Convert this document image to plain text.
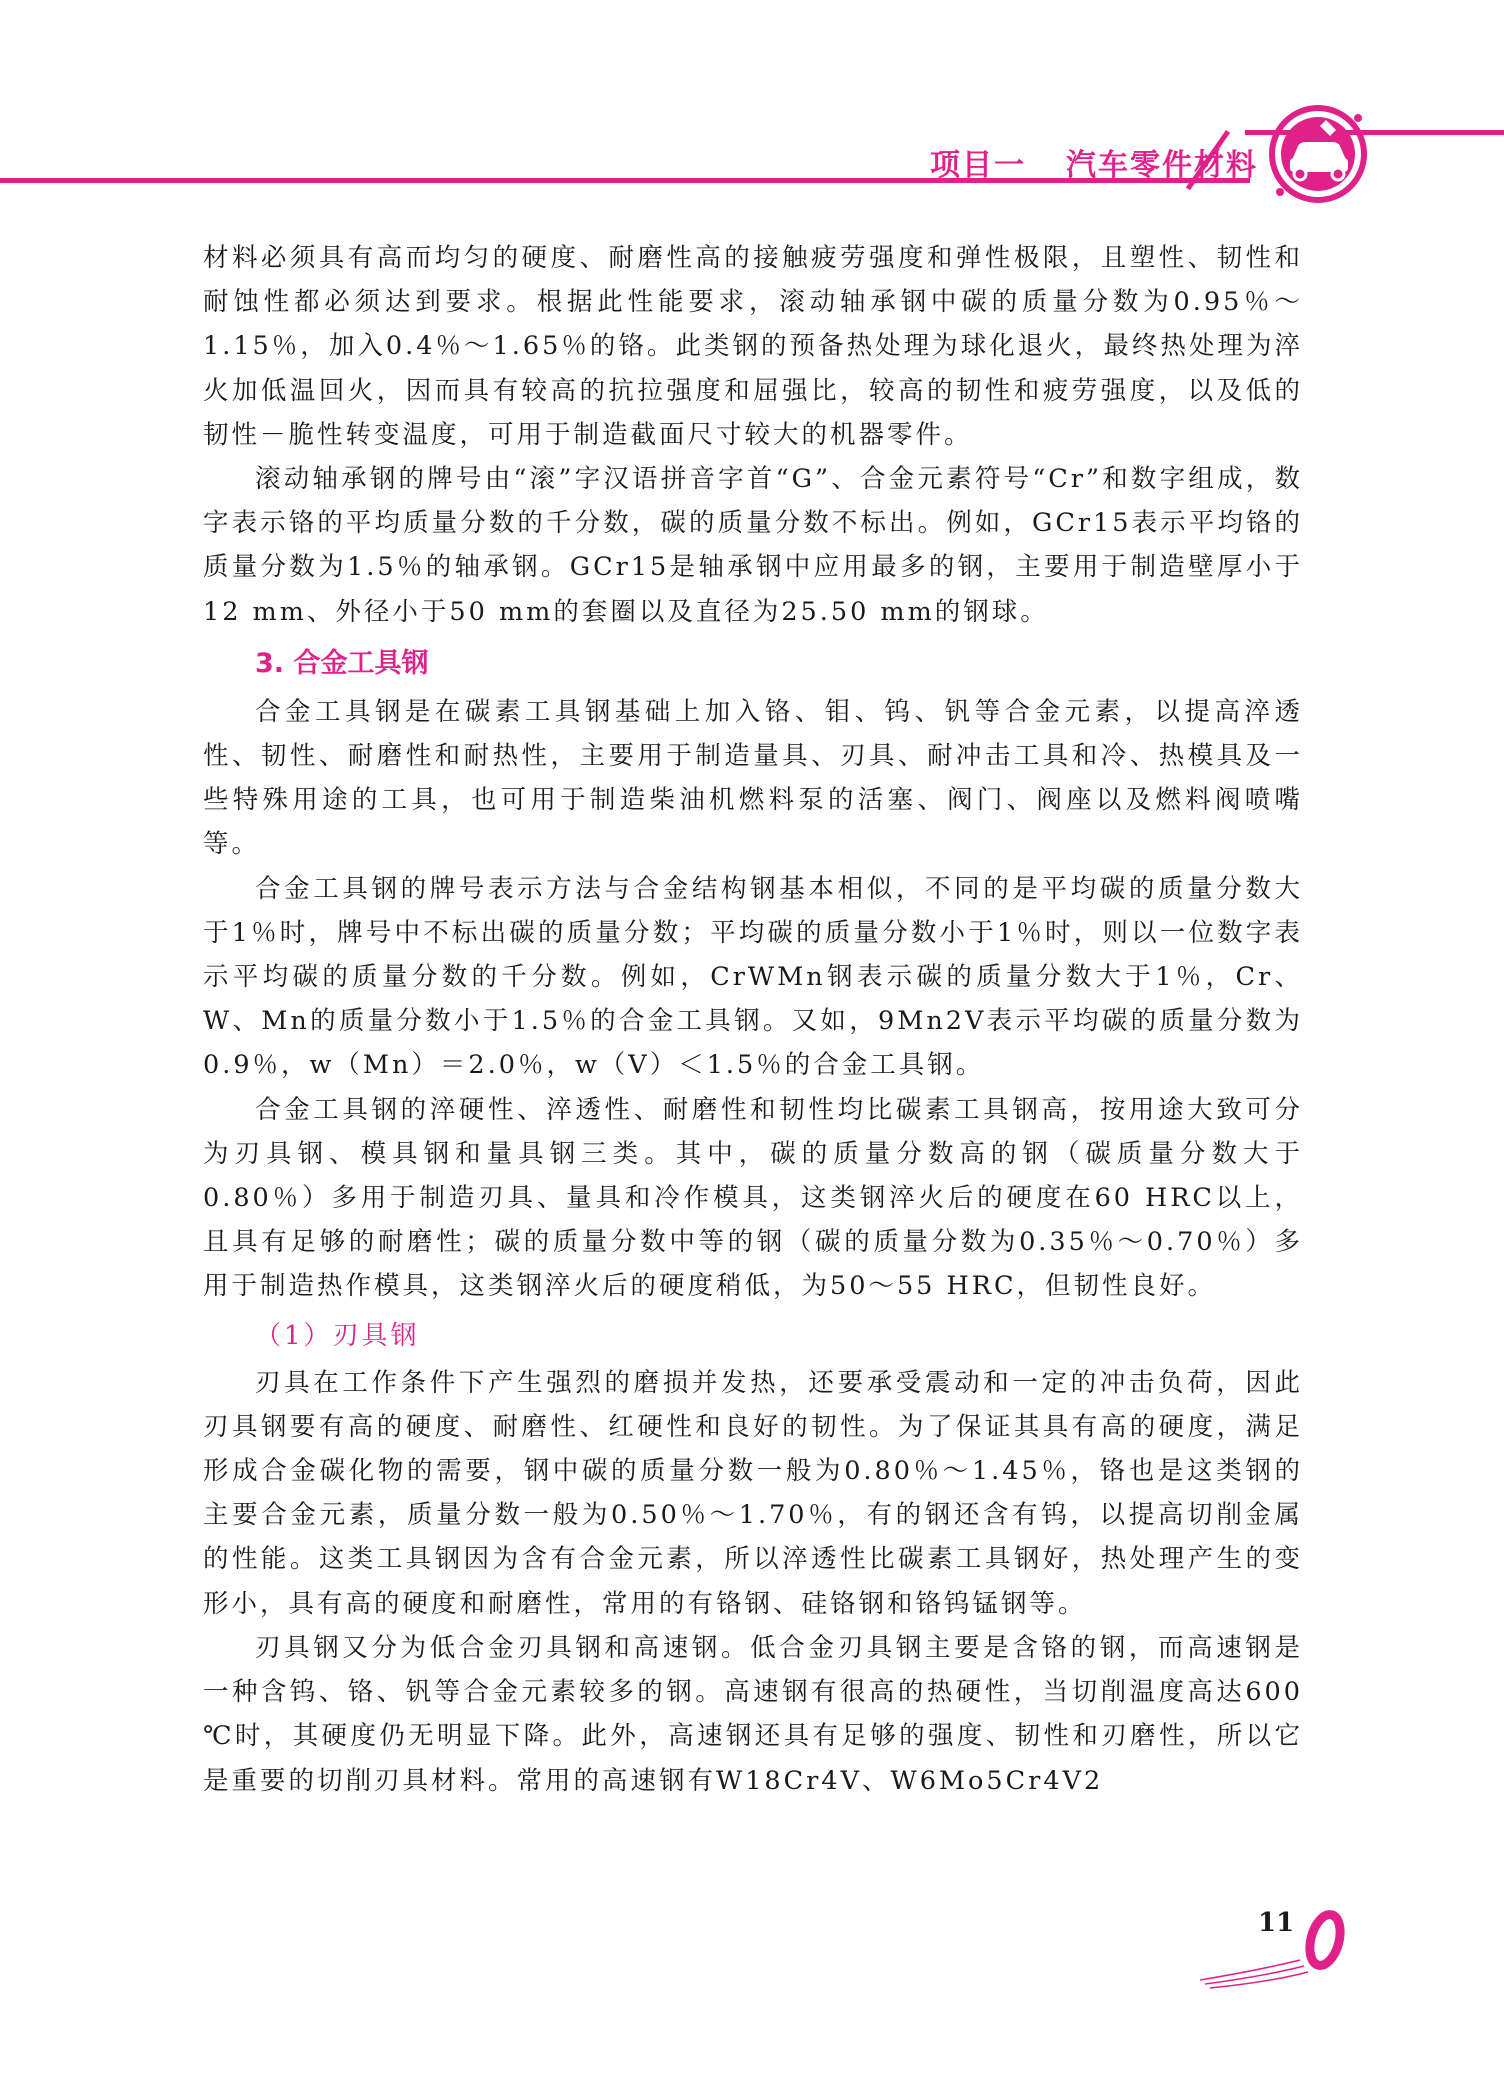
项目一 汽车零件材料

材料必须具有高而均匀的硬度、耐磨性高的接触疲劳强度和弹性极限，且塑性、韧性和耐蚀性都必须达到要求。根据此性能要求，滚动轴承钢中碳的质量分数为0.95％～1.15％，加入0.4％～1.65％的铬。此类钢的预备热处理为球化退火，最终热处理为淬火加低温回火，因而具有较高的抗拉强度和屈强比，较高的韧性和疲劳强度，以及低的韧性－脆性转变温度，可用于制造截面尺寸较大的机器零件。

滚动轴承钢的牌号由“滚”字汉语拼音字首“G”、合金元素符号“Cr”和数字组成，数字表示铬的平均质量分数的千分数，碳的质量分数不标出。例如，GCr15表示平均铬的质量分数为1.5％的轴承钢。GCr15是轴承钢中应用最多的钢，主要用于制造壁厚小于12 mm、外径小于50 mm的套圈以及直径为25.50 mm的钢球。

3. 合金工具钢

合金工具钢是在碳素工具钢基础上加入铬、钼、钨、钒等合金元素，以提高淬透性、韧性、耐磨性和耐热性，主要用于制造量具、刃具、耐冲击工具和冷、热模具及一些特殊用途的工具，也可用于制造柴油机燃料泵的活塞、阀门、阀座以及燃料阀喷嘴等。

合金工具钢的牌号表示方法与合金结构钢基本相似，不同的是平均碳的质量分数大于1％时，牌号中不标出碳的质量分数；平均碳的质量分数小于1％时，则以一位数字表示平均碳的质量分数的千分数。例如，CrWMn钢表示碳的质量分数大于1％，Cr、W、Mn的质量分数小于1.5％的合金工具钢。又如，9Mn2V表示平均碳的质量分数为0.9％，w（Mn）＝2.0％，w（V）＜1.5％的合金工具钢。

合金工具钢的淬硬性、淬透性、耐磨性和韧性均比碳素工具钢高，按用途大致可分为刃具钢、模具钢和量具钢三类。其中，碳的质量分数高的钢（碳质量分数大于0.80％）多用于制造刃具、量具和冷作模具，这类钢淬火后的硬度在60 HRC以上，且具有足够的耐磨性；碳的质量分数中等的钢（碳的质量分数为0.35％～0.70％）多用于制造热作模具，这类钢淬火后的硬度稍低，为50～55 HRC，但韧性良好。

（1）刃具钢

刃具在工作条件下产生强烈的磨损并发热，还要承受震动和一定的冲击负荷，因此刃具钢要有高的硬度、耐磨性、红硬性和良好的韧性。为了保证其具有高的硬度，满足形成合金碳化物的需要，钢中碳的质量分数一般为0.80％～1.45％，铬也是这类钢的主要合金元素，质量分数一般为0.50％～1.70％，有的钢还含有钨，以提高切削金属的性能。这类工具钢因为含有合金元素，所以淬透性比碳素工具钢好，热处理产生的变形小，具有高的硬度和耐磨性，常用的有铬钢、硅铬钢和铬钨锰钢等。

刃具钢又分为低合金刃具钢和高速钢。低合金刃具钢主要是含铬的钢，而高速钢是一种含钨、铬、钒等合金元素较多的钢。高速钢有很高的热硬性，当切削温度高达600 ℃时，其硬度仍无明显下降。此外，高速钢还具有足够的强度、韧性和刃磨性，所以它是重要的切削刃具材料。常用的高速钢有W18Cr4V、W6Mo5Cr4V2

11
